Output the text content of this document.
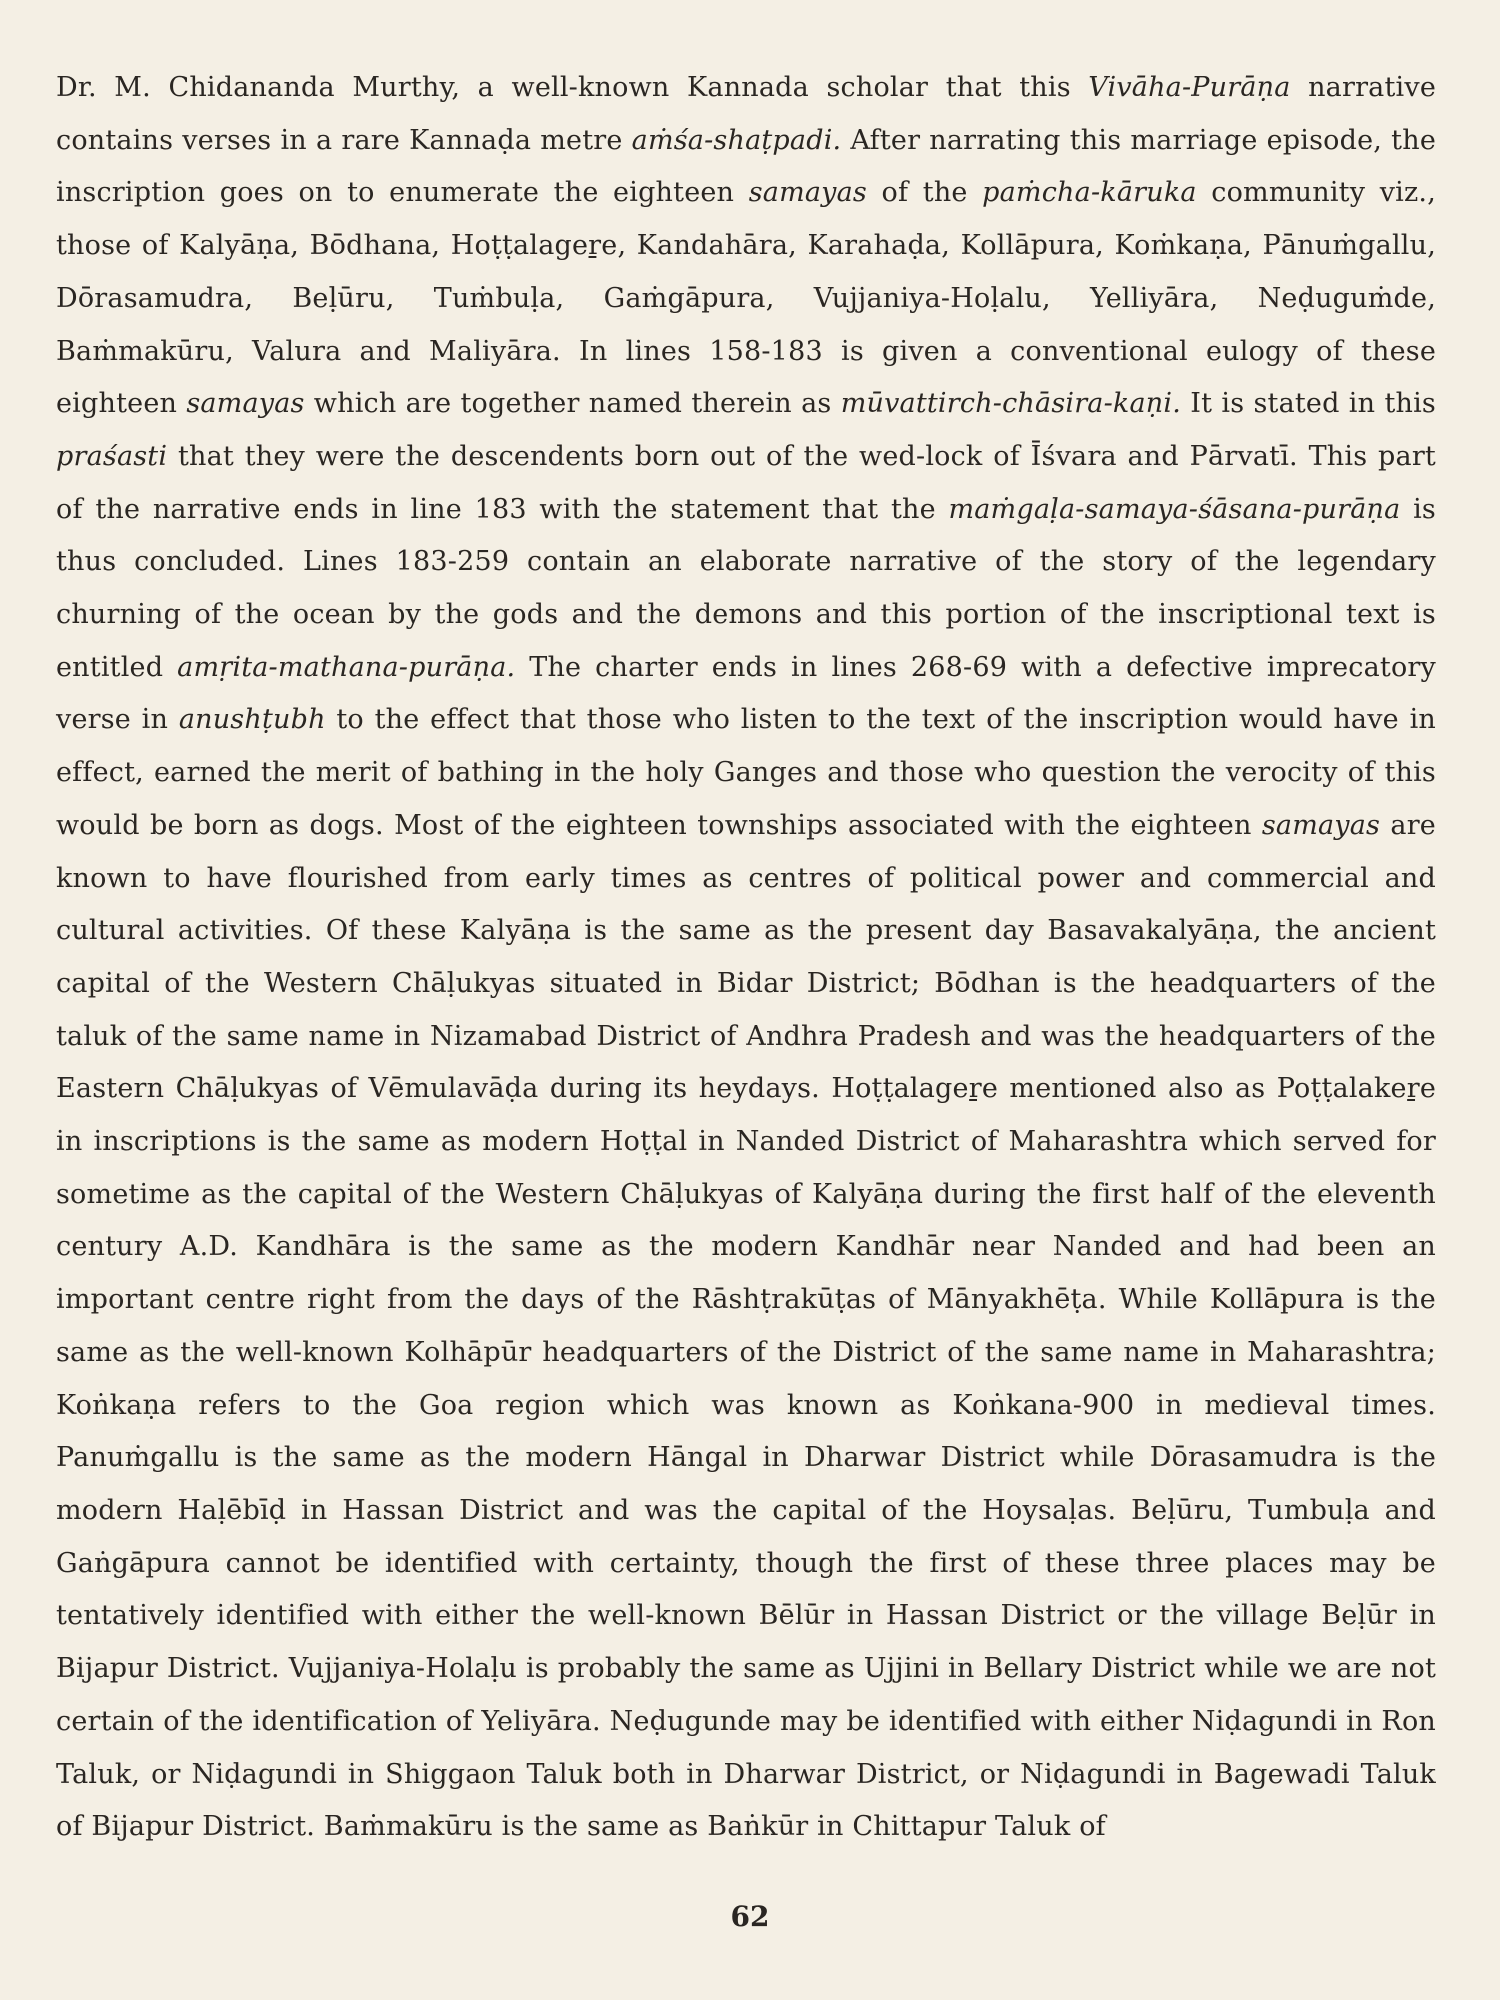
Dr. M. Chidananda Murthy, a well-known Kannada scholar that this Vivāha-Purāṇa narrative contains verses in a rare Kannaḍa metre aṁśa-shaṭpadi. After narrating this marriage episode, the inscription goes on to enumerate the eighteen samayas of the paṁcha-kāruka community viz., those of Kalyāṇa, Bōdhana, Hoṭṭalageṟe, Kandahāra, Karahaḍa, Kollāpura, Koṁkaṇa, Pānuṁgallu, Dōrasamudra, Beḷūru, Tuṁbuḷa, Gaṁgāpura, Vujjaniya-Hoḷalu, Yelliyāra, Neḍuguṁde, Baṁmakūru, Valura and Maliyāra. In lines 158-183 is given a conventional eulogy of these eighteen samayas which are together named therein as mūvattirch-chāsira-kaṇi. It is stated in this praśasti that they were the descendents born out of the wed-lock of Īśvara and Pārvatī. This part of the narrative ends in line 183 with the statement that the maṁgaḷa-samaya-śāsana-purāṇa is thus concluded. Lines 183-259 contain an elaborate narrative of the story of the legendary churning of the ocean by the gods and the demons and this portion of the inscriptional text is entitled amṛita-mathana-purāṇa. The charter ends in lines 268-69 with a defective imprecatory verse in anushṭubh to the effect that those who listen to the text of the inscription would have in effect, earned the merit of bathing in the holy Ganges and those who question the verocity of this would be born as dogs. Most of the eighteen townships associated with the eighteen samayas are known to have flourished from early times as centres of political power and commercial and cultural activities. Of these Kalyāṇa is the same as the present day Basavakalyāṇa, the ancient capital of the Western Chāḷukyas situated in Bidar District; Bōdhan is the headquarters of the taluk of the same name in Nizamabad District of Andhra Pradesh and was the headquarters of the Eastern Chāḷukyas of Vēmulavāḍa during its heydays. Hoṭṭalageṟe mentioned also as Poṭṭalakeṟe in inscriptions is the same as modern Hoṭṭal in Nanded District of Maharashtra which served for sometime as the capital of the Western Chāḷukyas of Kalyāṇa during the first half of the eleventh century A.D. Kandhāra is the same as the modern Kandhār near Nanded and had been an important centre right from the days of the Rāshṭrakūṭas of Mānyakhēṭa. While Kollāpura is the same as the well-known Kolhāpūr headquarters of the District of the same name in Maharashtra; Koṅkaṇa refers to the Goa region which was known as Koṅkana-900 in medieval times. Panuṁgallu is the same as the modern Hāngal in Dharwar District while Dōrasamudra is the modern Haḷēbīḍ in Hassan District and was the capital of the Hoysaḷas. Beḷūru, Tumbuḷa and Gaṅgāpura cannot be identified with certainty, though the first of these three places may be tentatively identified with either the well-known Bēlūr in Hassan District or the village Beḷūr in Bijapur District. Vujjaniya-Holaḷu is probably the same as Ujjini in Bellary District while we are not certain of the identification of Yeliyāra. Neḍugunde may be identified with either Niḍagundi in Ron Taluk, or Niḍagundi in Shiggaon Taluk both in Dharwar District, or Niḍagundi in Bagewadi Taluk of Bijapur District. Baṁmakūru is the same as Baṅkūr in Chittapur Taluk of
62
